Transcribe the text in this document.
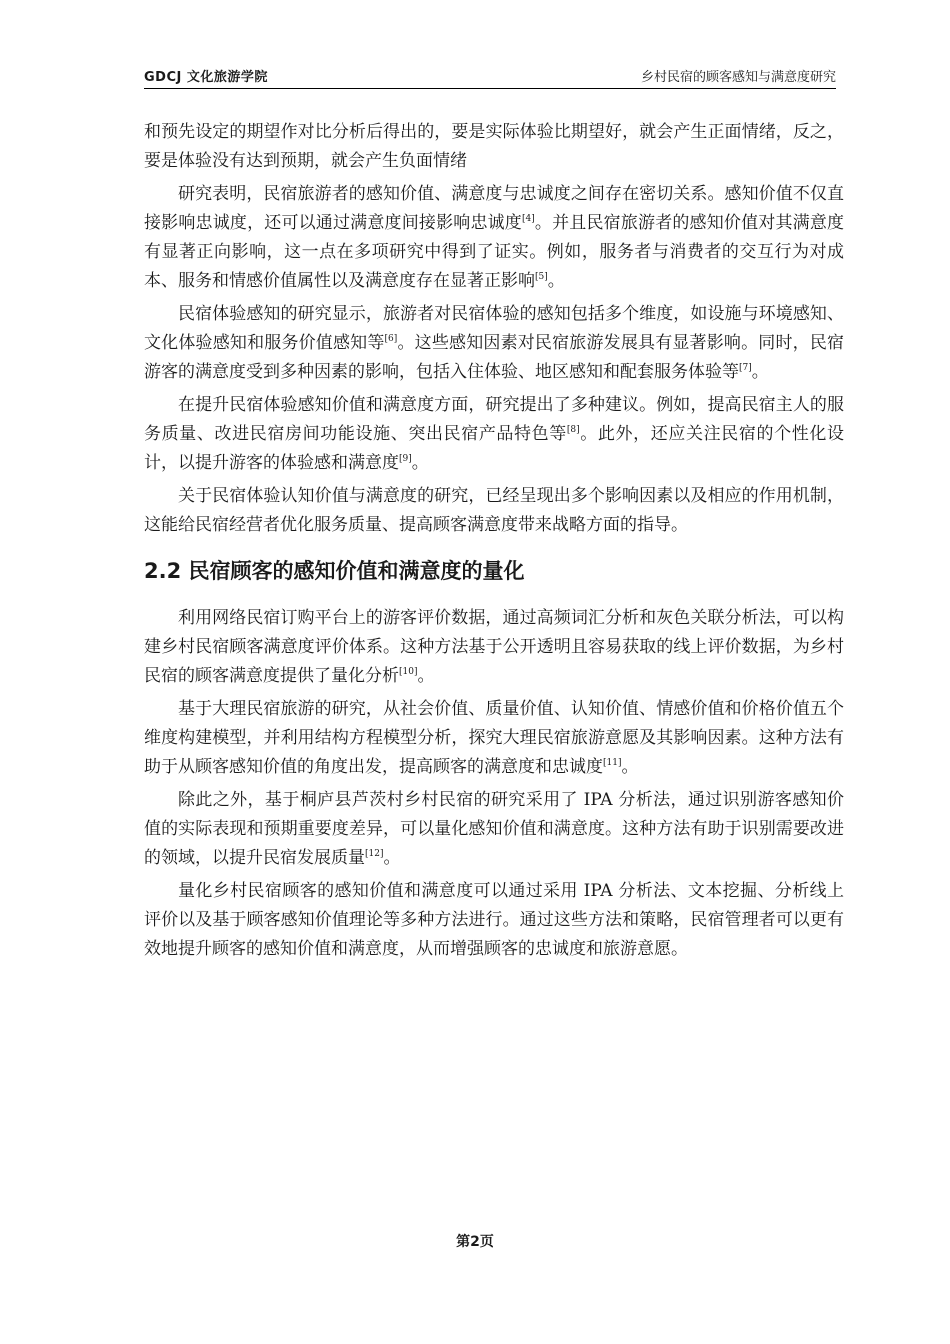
GDCJ 文化旅游学院	乡村民宿的顾客感知与满意度研究

和预先设定的期望作对比分析后得出的，要是实际体验比期望好，就会产生正面情绪，反之，要是体验没有达到预期，就会产生负面情绪

研究表明，民宿旅游者的感知价值、满意度与忠诚度之间存在密切关系。感知价值不仅直接影响忠诚度，还可以通过满意度间接影响忠诚度[4]。并且民宿旅游者的感知价值对其满意度有显著正向影响，这一点在多项研究中得到了证实。例如，服务者与消费者的交互行为对成本、服务和情感价值属性以及满意度存在显著正影响[5]。

民宿体验感知的研究显示，旅游者对民宿体验的感知包括多个维度，如设施与环境感知、文化体验感知和服务价值感知等[6]。这些感知因素对民宿旅游发展具有显著影响。同时，民宿游客的满意度受到多种因素的影响，包括入住体验、地区感知和配套服务体验等[7]。

在提升民宿体验感知价值和满意度方面，研究提出了多种建议。例如，提高民宿主人的服务质量、改进民宿房间功能设施、突出民宿产品特色等[8]。此外，还应关注民宿的个性化设计，以提升游客的体验感和满意度[9]。

关于民宿体验认知价值与满意度的研究，已经呈现出多个影响因素以及相应的作用机制，这能给民宿经营者优化服务质量、提高顾客满意度带来战略方面的指导。

2.2 民宿顾客的感知价值和满意度的量化

利用网络民宿订购平台上的游客评价数据，通过高频词汇分析和灰色关联分析法，可以构建乡村民宿顾客满意度评价体系。这种方法基于公开透明且容易获取的线上评价数据，为乡村民宿的顾客满意度提供了量化分析[10]。

基于大理民宿旅游的研究，从社会价值、质量价值、认知价值、情感价值和价格价值五个维度构建模型，并利用结构方程模型分析，探究大理民宿旅游意愿及其影响因素。这种方法有助于从顾客感知价值的角度出发，提高顾客的满意度和忠诚度[11]。

除此之外，基于桐庐县芦茨村乡村民宿的研究采用了 IPA 分析法，通过识别游客感知价值的实际表现和预期重要度差异，可以量化感知价值和满意度。这种方法有助于识别需要改进的领域，以提升民宿发展质量[12]。

量化乡村民宿顾客的感知价值和满意度可以通过采用 IPA 分析法、文本挖掘、分析线上评价以及基于顾客感知价值理论等多种方法进行。通过这些方法和策略，民宿管理者可以更有效地提升顾客的感知价值和满意度，从而增强顾客的忠诚度和旅游意愿。

第2页
